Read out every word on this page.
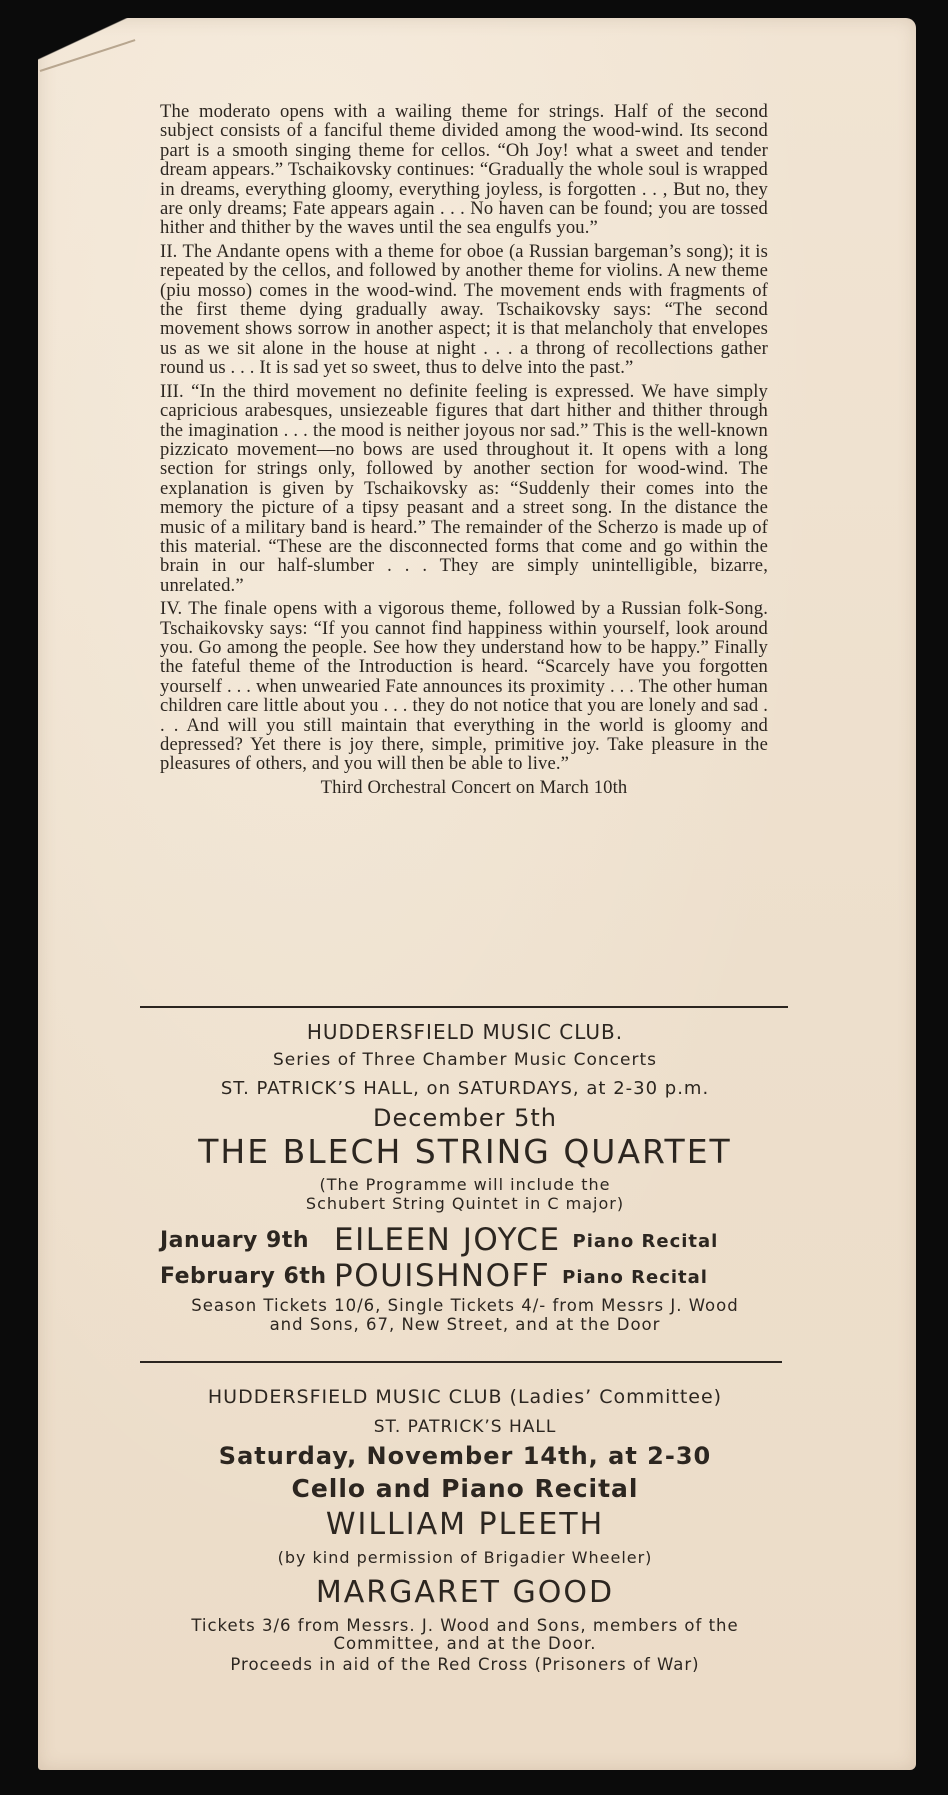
The moderato opens with a wailing theme for strings. Half of the second subject consists of a fanciful theme divided among the wood-wind. Its second part is a smooth singing theme for cellos. “Oh Joy! what a sweet and tender dream appears.” Tschaikovsky continues: “Gradually the whole soul is wrapped in dreams, everything gloomy, everything joyless, is forgotten . . , But no, they are only dreams; Fate appears again . . . No haven can be found; you are tossed hither and thither by the waves until the sea engulfs you.”

II. The Andante opens with a theme for oboe (a Russian bargeman’s song); it is repeated by the cellos, and followed by another theme for violins. A new theme (piu mosso) comes in the wood-wind. The movement ends with fragments of the first theme dying gradually away. Tschaikovsky says: “The second movement shows sorrow in another aspect; it is that melancholy that envelopes us as we sit alone in the house at night . . . a throng of recollections gather round us . . . It is sad yet so sweet, thus to delve into the past.”

III. “In the third movement no definite feeling is expressed. We have simply capricious arabesques, unsiezeable figures that dart hither and thither through the imagination . . . the mood is neither joyous nor sad.” This is the well-known pizzicato movement—no bows are used throughout it. It opens with a long section for strings only, followed by another section for wood-wind. The explanation is given by Tschaikovsky as: “Suddenly their comes into the memory the picture of a tipsy peasant and a street song. In the distance the music of a military band is heard.” The remainder of the Scherzo is made up of this material. “These are the disconnected forms that come and go within the brain in our half-slumber . . . They are simply unintelligible, bizarre, unrelated.”

IV. The finale opens with a vigorous theme, followed by a Russian folk-Song. Tschaikovsky says: “If you cannot find happiness within yourself, look around you. Go among the people. See how they understand how to be happy.” Finally the fateful theme of the Introduction is heard. “Scarcely have you forgotten yourself . . . when unwearied Fate announces its proximity . . . The other human children care little about you . . . they do not notice that you are lonely and sad . . . And will you still maintain that everything in the world is gloomy and depressed? Yet there is joy there, simple, primitive joy. Take pleasure in the pleasures of others, and you will then be able to live.”

Third Orchestral Concert on March 10th
HUDDERSFIELD MUSIC CLUB.
Series of Three Chamber Music Concerts
ST. PATRICK’S HALL, on SATURDAYS, at 2-30 p.m.
December 5th
THE BLECH STRING QUARTET
(The Programme will include the
Schubert String Quintet in C major)
January 9th EILEEN JOYCE Piano Recital
February 6th POUISHNOFF Piano Recital
Season Tickets 10/6, Single Tickets 4/- from Messrs J. Wood
and Sons, 67, New Street, and at the Door
HUDDERSFIELD MUSIC CLUB (Ladies’ Committee)
ST. PATRICK’S HALL
Saturday, November 14th, at 2-30
Cello and Piano Recital
WILLIAM PLEETH
(by kind permission of Brigadier Wheeler)
MARGARET GOOD
Tickets 3/6 from Messrs. J. Wood and Sons, members of the
Committee, and at the Door.
Proceeds in aid of the Red Cross (Prisoners of War)
